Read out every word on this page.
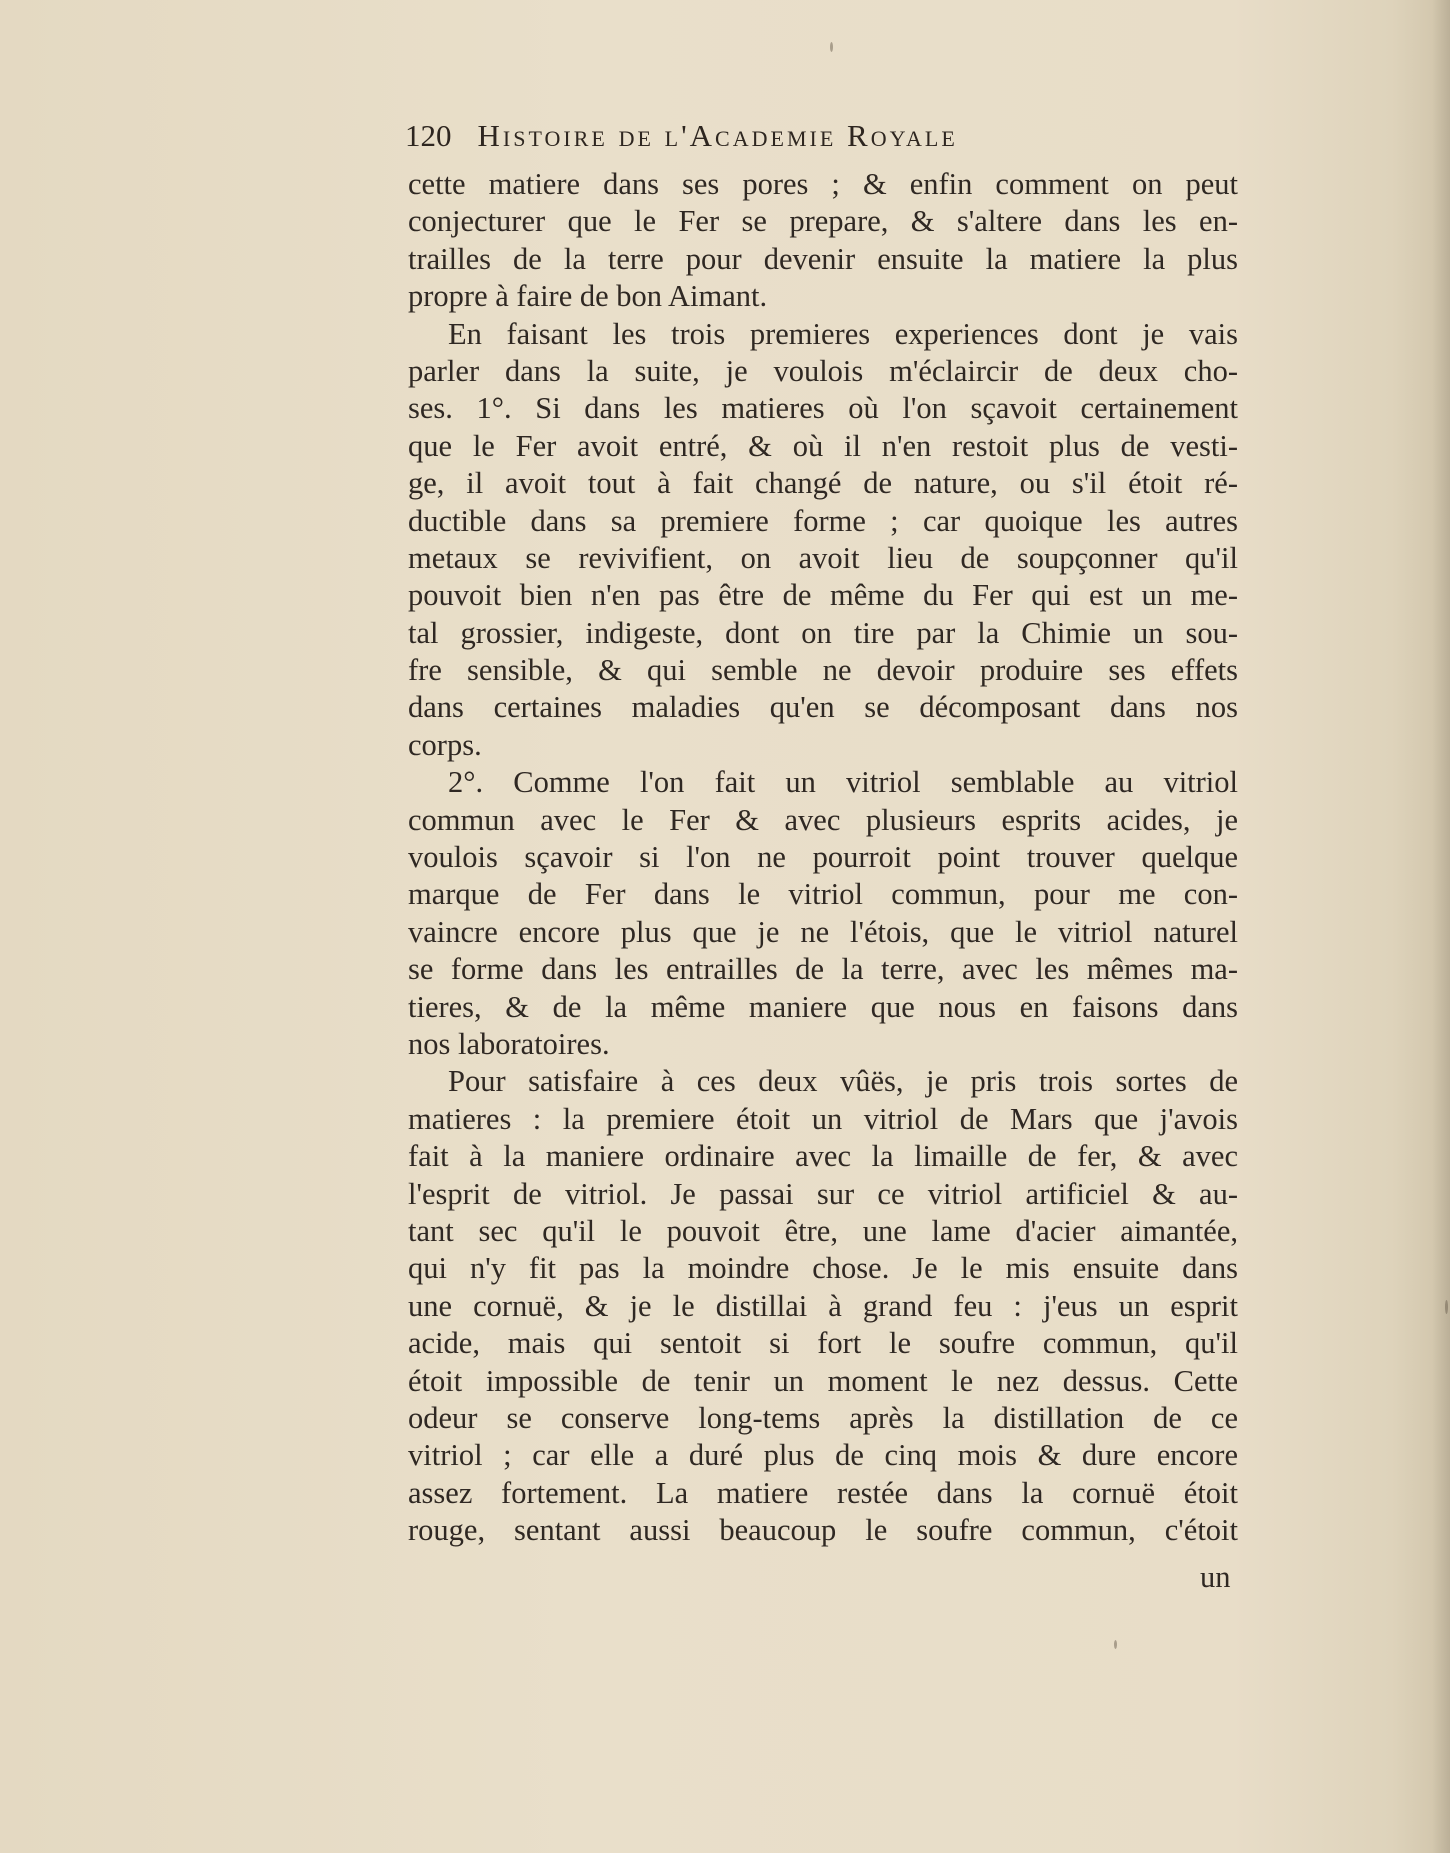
120 Histoire de l'Academie Royale
cette matiere dans ses pores ; & enfin comment on peut
conjecturer que le Fer se prepare, & s'altere dans les en-
trailles de la terre pour devenir ensuite la matiere la plus
propre à faire de bon Aimant.
En faisant les trois premieres experiences dont je vais
parler dans la suite, je voulois m'éclaircir de deux cho-
ses. 1°. Si dans les matieres où l'on sçavoit certainement
que le Fer avoit entré, & où il n'en restoit plus de vesti-
ge, il avoit tout à fait changé de nature, ou s'il étoit ré-
ductible dans sa premiere forme ; car quoique les autres
metaux se revivifient, on avoit lieu de soupçonner qu'il
pouvoit bien n'en pas être de même du Fer qui est un me-
tal grossier, indigeste, dont on tire par la Chimie un sou-
fre sensible, & qui semble ne devoir produire ses effets
dans certaines maladies qu'en se décomposant dans nos
corps.
2°. Comme l'on fait un vitriol semblable au vitriol
commun avec le Fer & avec plusieurs esprits acides, je
voulois sçavoir si l'on ne pourroit point trouver quelque
marque de Fer dans le vitriol commun, pour me con-
vaincre encore plus que je ne l'étois, que le vitriol naturel
se forme dans les entrailles de la terre, avec les mêmes ma-
tieres, & de la même maniere que nous en faisons dans
nos laboratoires.
Pour satisfaire à ces deux vûës, je pris trois sortes de
matieres : la premiere étoit un vitriol de Mars que j'avois
fait à la maniere ordinaire avec la limaille de fer, & avec
l'esprit de vitriol. Je passai sur ce vitriol artificiel & au-
tant sec qu'il le pouvoit être, une lame d'acier aimantée,
qui n'y fit pas la moindre chose. Je le mis ensuite dans
une cornuë, & je le distillai à grand feu : j'eus un esprit
acide, mais qui sentoit si fort le soufre commun, qu'il
étoit impossible de tenir un moment le nez dessus. Cette
odeur se conserve long-tems après la distillation de ce
vitriol ; car elle a duré plus de cinq mois & dure encore
assez fortement. La matiere restée dans la cornuë étoit
rouge, sentant aussi beaucoup le soufre commun, c'étoit
un
